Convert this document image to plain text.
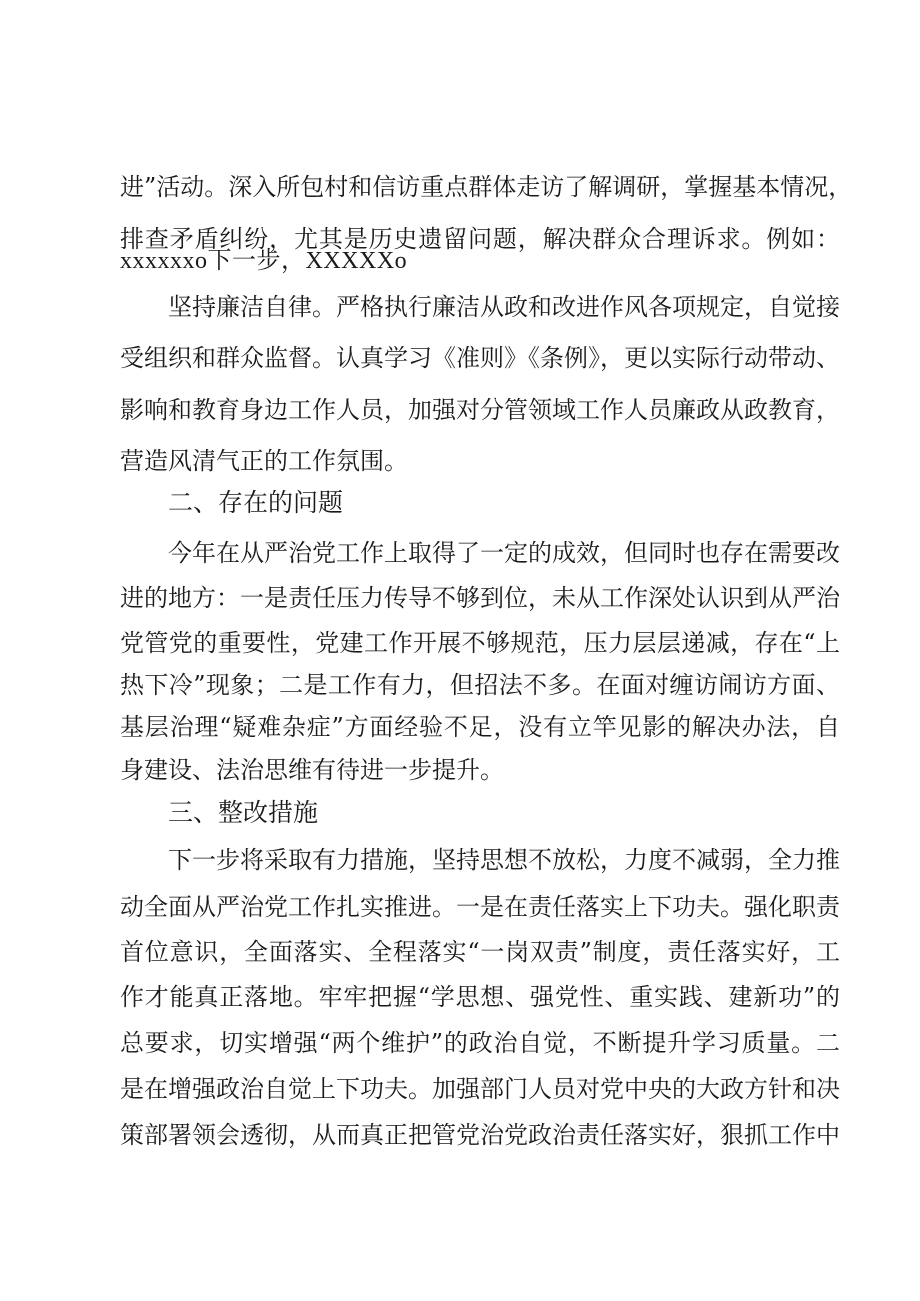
进”活动。深入所包村和信访重点群体走访了解调研，掌握基本情况，
排查矛盾纠纷，尤其是历史遗留问题，解决群众合理诉求。例如：
xxxxxxo下一步，XXXXXo
坚持廉洁自律。严格执行廉洁从政和改进作风各项规定，自觉接
受组织和群众监督。认真学习《准则》《条例》，更以实际行动带动、
影响和教育身边工作人员，加强对分管领域工作人员廉政从政教育，
营造风清气正的工作氛围。
二、存在的问题
今年在从严治党工作上取得了一定的成效，但同时也存在需要改
进的地方：一是责任压力传导不够到位，未从工作深处认识到从严治
党管党的重要性，党建工作开展不够规范，压力层层递减，存在“上
热下冷”现象；二是工作有力，但招法不多。在面对缠访闹访方面、
基层治理“疑难杂症”方面经验不足，没有立竿见影的解决办法，自
身建设、法治思维有待进一步提升。
三、整改措施
下一步将采取有力措施，坚持思想不放松，力度不减弱，全力推
动全面从严治党工作扎实推进。一是在责任落实上下功夫。强化职责
首位意识，全面落实、全程落实“一岗双责”制度，责任落实好，工
作才能真正落地。牢牢把握“学思想、强党性、重实践、建新功”的
总要求，切实增强“两个维护”的政治自觉，不断提升学习质量。二
是在增强政治自觉上下功夫。加强部门人员对党中央的大政方针和决
策部署领会透彻，从而真正把管党治党政治责任落实好，狠抓工作中
